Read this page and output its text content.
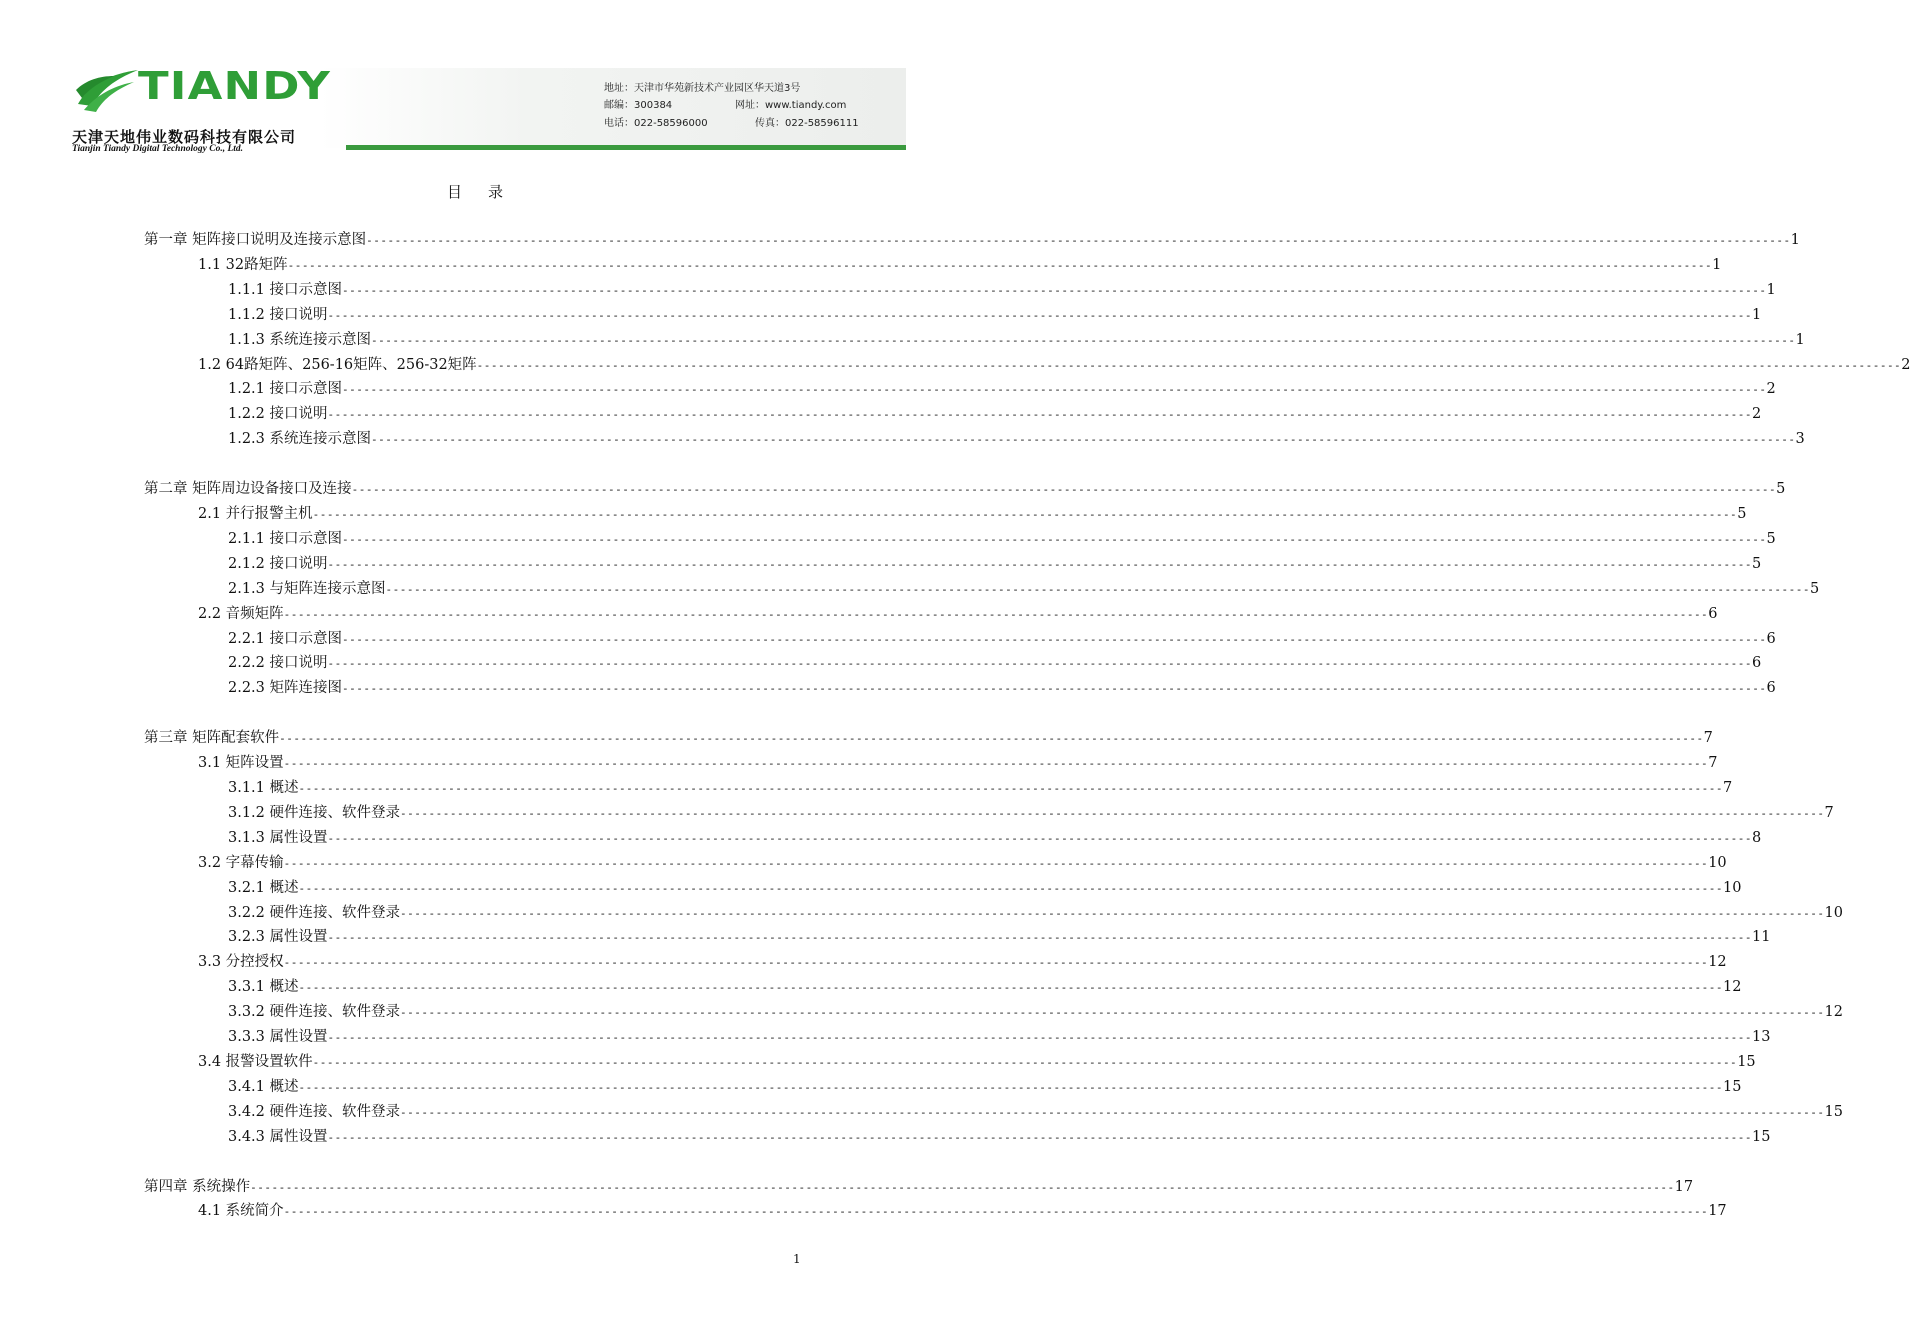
TIANDY
天津天地伟业数码科技有限公司
Tianjin Tiandy Digital Technology Co., Ltd.
地址：天津市华苑新技术产业园区华天道3号
邮编：300384	网址：www.tiandy.com
电话：022-58596000	传真：022-58596111
目录
第一章 矩阵接口说明及连接示意图 -------------------------------------------------------------------------------------------------------------------------------------------------------------------------------------------------------- 1
1.1 32路矩阵 -------------------------------------------------------------------------------------------------------------------------------------------------------------------------------------------------------- 1
1.1.1 接口示意图 -------------------------------------------------------------------------------------------------------------------------------------------------------------------------------------------------------- 1
1.1.2 接口说明 -------------------------------------------------------------------------------------------------------------------------------------------------------------------------------------------------------- 1
1.1.3 系统连接示意图 -------------------------------------------------------------------------------------------------------------------------------------------------------------------------------------------------------- 1
1.2 64路矩阵、256-16矩阵、256-32矩阵 -------------------------------------------------------------------------------------------------------------------------------------------------------------------------------------------------------- 2
1.2.1 接口示意图 -------------------------------------------------------------------------------------------------------------------------------------------------------------------------------------------------------- 2
1.2.2 接口说明 -------------------------------------------------------------------------------------------------------------------------------------------------------------------------------------------------------- 2
1.2.3 系统连接示意图 -------------------------------------------------------------------------------------------------------------------------------------------------------------------------------------------------------- 3
第二章 矩阵周边设备接口及连接 -------------------------------------------------------------------------------------------------------------------------------------------------------------------------------------------------------- 5
2.1 并行报警主机 -------------------------------------------------------------------------------------------------------------------------------------------------------------------------------------------------------- 5
2.1.1 接口示意图 -------------------------------------------------------------------------------------------------------------------------------------------------------------------------------------------------------- 5
2.1.2 接口说明 -------------------------------------------------------------------------------------------------------------------------------------------------------------------------------------------------------- 5
2.1.3 与矩阵连接示意图 -------------------------------------------------------------------------------------------------------------------------------------------------------------------------------------------------------- 5
2.2 音频矩阵 -------------------------------------------------------------------------------------------------------------------------------------------------------------------------------------------------------- 6
2.2.1 接口示意图 -------------------------------------------------------------------------------------------------------------------------------------------------------------------------------------------------------- 6
2.2.2 接口说明 -------------------------------------------------------------------------------------------------------------------------------------------------------------------------------------------------------- 6
2.2.3 矩阵连接图 -------------------------------------------------------------------------------------------------------------------------------------------------------------------------------------------------------- 6
第三章 矩阵配套软件 -------------------------------------------------------------------------------------------------------------------------------------------------------------------------------------------------------- 7
3.1 矩阵设置 -------------------------------------------------------------------------------------------------------------------------------------------------------------------------------------------------------- 7
3.1.1 概述 -------------------------------------------------------------------------------------------------------------------------------------------------------------------------------------------------------- 7
3.1.2 硬件连接、软件登录 -------------------------------------------------------------------------------------------------------------------------------------------------------------------------------------------------------- 7
3.1.3 属性设置 -------------------------------------------------------------------------------------------------------------------------------------------------------------------------------------------------------- 8
3.2 字幕传输 -------------------------------------------------------------------------------------------------------------------------------------------------------------------------------------------------------- 10
3.2.1 概述 -------------------------------------------------------------------------------------------------------------------------------------------------------------------------------------------------------- 10
3.2.2 硬件连接、软件登录 -------------------------------------------------------------------------------------------------------------------------------------------------------------------------------------------------------- 10
3.2.3 属性设置 -------------------------------------------------------------------------------------------------------------------------------------------------------------------------------------------------------- 11
3.3 分控授权 -------------------------------------------------------------------------------------------------------------------------------------------------------------------------------------------------------- 12
3.3.1 概述 -------------------------------------------------------------------------------------------------------------------------------------------------------------------------------------------------------- 12
3.3.2 硬件连接、软件登录 -------------------------------------------------------------------------------------------------------------------------------------------------------------------------------------------------------- 12
3.3.3 属性设置 -------------------------------------------------------------------------------------------------------------------------------------------------------------------------------------------------------- 13
3.4 报警设置软件 -------------------------------------------------------------------------------------------------------------------------------------------------------------------------------------------------------- 15
3.4.1 概述 -------------------------------------------------------------------------------------------------------------------------------------------------------------------------------------------------------- 15
3.4.2 硬件连接、软件登录 -------------------------------------------------------------------------------------------------------------------------------------------------------------------------------------------------------- 15
3.4.3 属性设置 -------------------------------------------------------------------------------------------------------------------------------------------------------------------------------------------------------- 15
第四章 系统操作 -------------------------------------------------------------------------------------------------------------------------------------------------------------------------------------------------------- 17
4.1 系统简介 -------------------------------------------------------------------------------------------------------------------------------------------------------------------------------------------------------- 17
1
